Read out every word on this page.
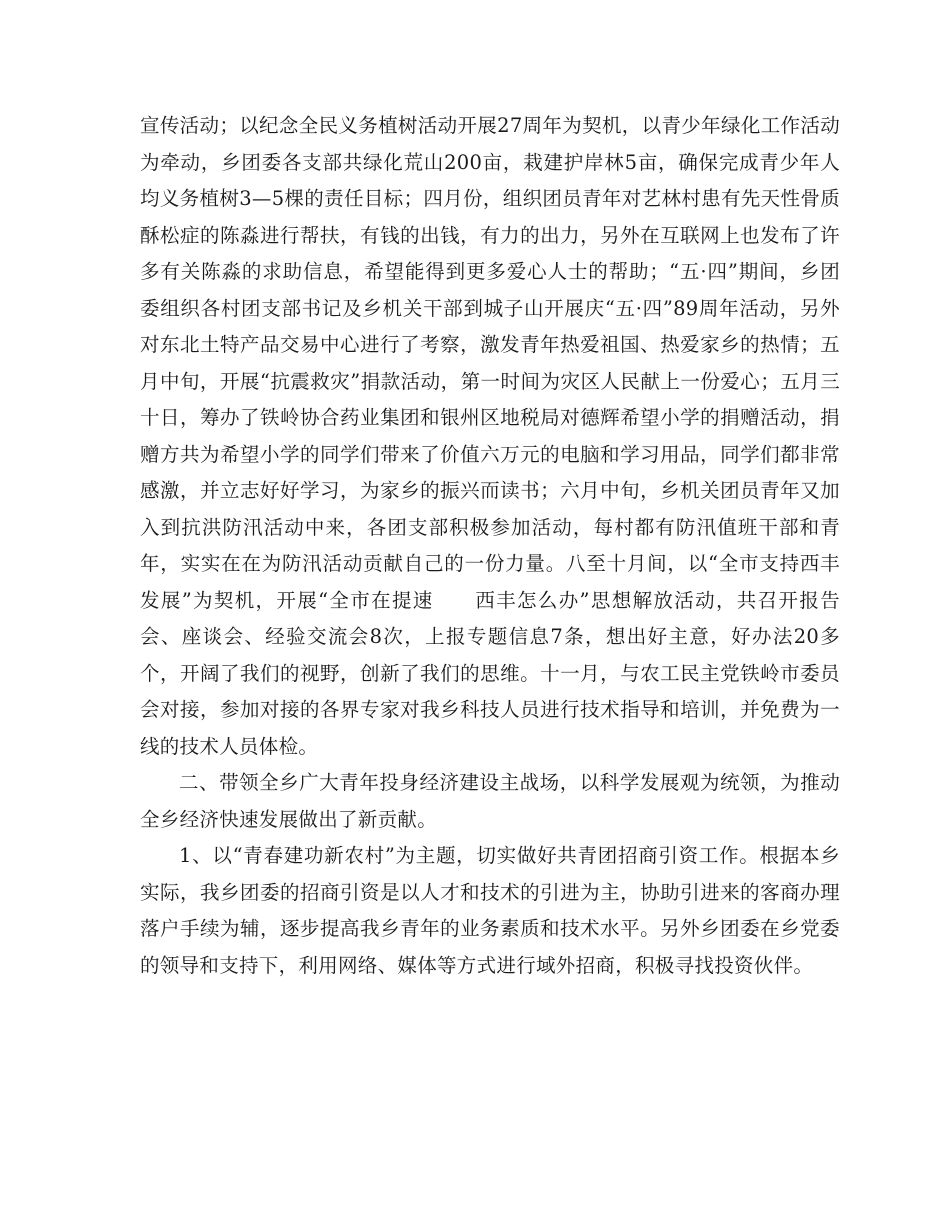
宣传活动；以纪念全民义务植树活动开展27周年为契机，以青少年绿化工作活动为牵动，乡团委各支部共绿化荒山200亩，栽建护岸林5亩，确保完成青少年人均义务植树3—5棵的责任目标；四月份，组织团员青年对艺林村患有先天性骨质酥松症的陈淼进行帮扶，有钱的出钱，有力的出力，另外在互联网上也发布了许多有关陈淼的求助信息，希望能得到更多爱心人士的帮助；“五·四”期间，乡团委组织各村团支部书记及乡机关干部到城子山开展庆“五·四”89周年活动，另外对东北土特产品交易中心进行了考察，激发青年热爱祖国、热爱家乡的热情；五月中旬，开展“抗震救灾”捐款活动，第一时间为灾区人民献上一份爱心；五月三十日，筹办了铁岭协合药业集团和银州区地税局对德辉希望小学的捐赠活动，捐赠方共为希望小学的同学们带来了价值六万元的电脑和学习用品，同学们都非常感激，并立志好好学习，为家乡的振兴而读书；六月中旬，乡机关团员青年又加入到抗洪防汛活动中来，各团支部积极参加活动，每村都有防汛值班干部和青年，实实在在为防汛活动贡献自己的一份力量。八至十月间，以“全市支持西丰发展”为契机，开展“全市在提速　　西丰怎么办”思想解放活动，共召开报告会、座谈会、经验交流会8次，上报专题信息7条，想出好主意，好办法20多个，开阔了我们的视野，创新了我们的思维。十一月，与农工民主党铁岭市委员会对接，参加对接的各界专家对我乡科技人员进行技术指导和培训，并免费为一线的技术人员体检。

二、带领全乡广大青年投身经济建设主战场，以科学发展观为统领，为推动全乡经济快速发展做出了新贡献。

1、以“青春建功新农村”为主题，切实做好共青团招商引资工作。根据本乡实际，我乡团委的招商引资是以人才和技术的引进为主，协助引进来的客商办理落户手续为辅，逐步提高我乡青年的业务素质和技术水平。另外乡团委在乡党委的领导和支持下，利用网络、媒体等方式进行域外招商，积极寻找投资伙伴。
